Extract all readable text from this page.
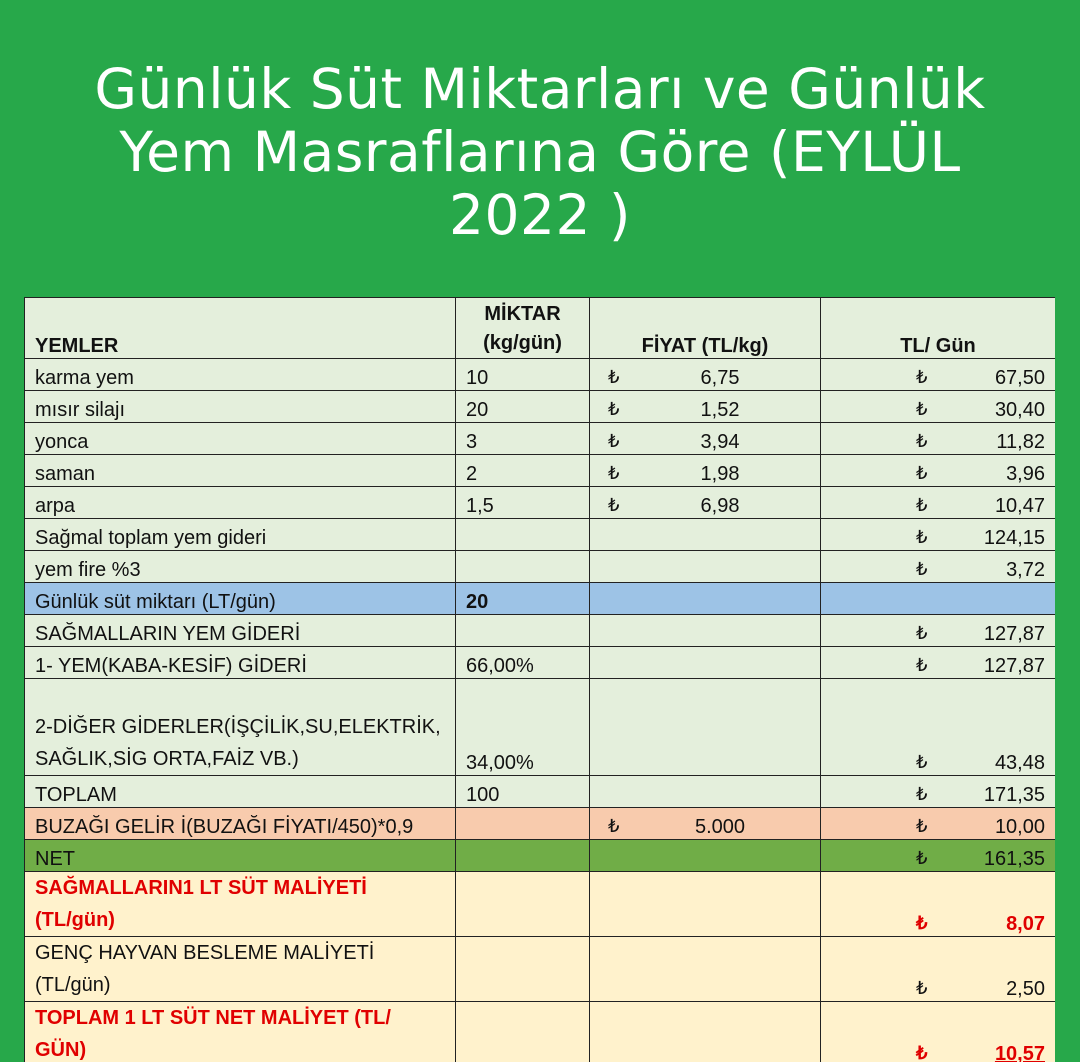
Günlük Süt Miktarları ve Günlük
Yem Masraflarına Göre (EYLÜL
2022 )
YEMLER	MİKTAR (kg/gün)	FİYAT (TL/kg)	TL/ Gün
karma yem	10	₺ 6,75	₺ 67,50

mısır silajı	20	₺ 1,52	₺ 30,40

yonca	3	₺ 3,94	₺ 11,82

saman	2	₺ 1,98	₺ 3,96

arpa	1,5	₺ 6,98	₺ 10,47

Sağmal toplam yem gideri			₺ 124,15

yem fire %3			₺ 3,72

Günlük süt miktarı (LT/gün)	20		
SAĞMALLARIN YEM GİDERİ			₺ 127,87

1- YEM(KABA-KESİF) GİDERİ	66,00%		₺ 127,87

2-DİĞER GİDERLER(İŞÇİLİK,SU,ELEKTRİK,SAĞLIK,SİG ORTA,FAİZ VB.)	34,00%		₺ 43,48

TOPLAM	100		₺ 171,35

BUZAĞI GELİR İ(BUZAĞI FİYATI/450)*0,9		₺ 5.000	₺ 10,00

NET			₺ 161,35

SAĞMALLARIN1 LT SÜT MALİYETİ (TL/gün)			₺ 8,07

GENÇ HAYVAN BESLEME MALİYETİ (TL/gün)			₺ 2,50

TOPLAM 1 LT SÜT NET MALİYET (TL/ GÜN)			₺ 10,57
